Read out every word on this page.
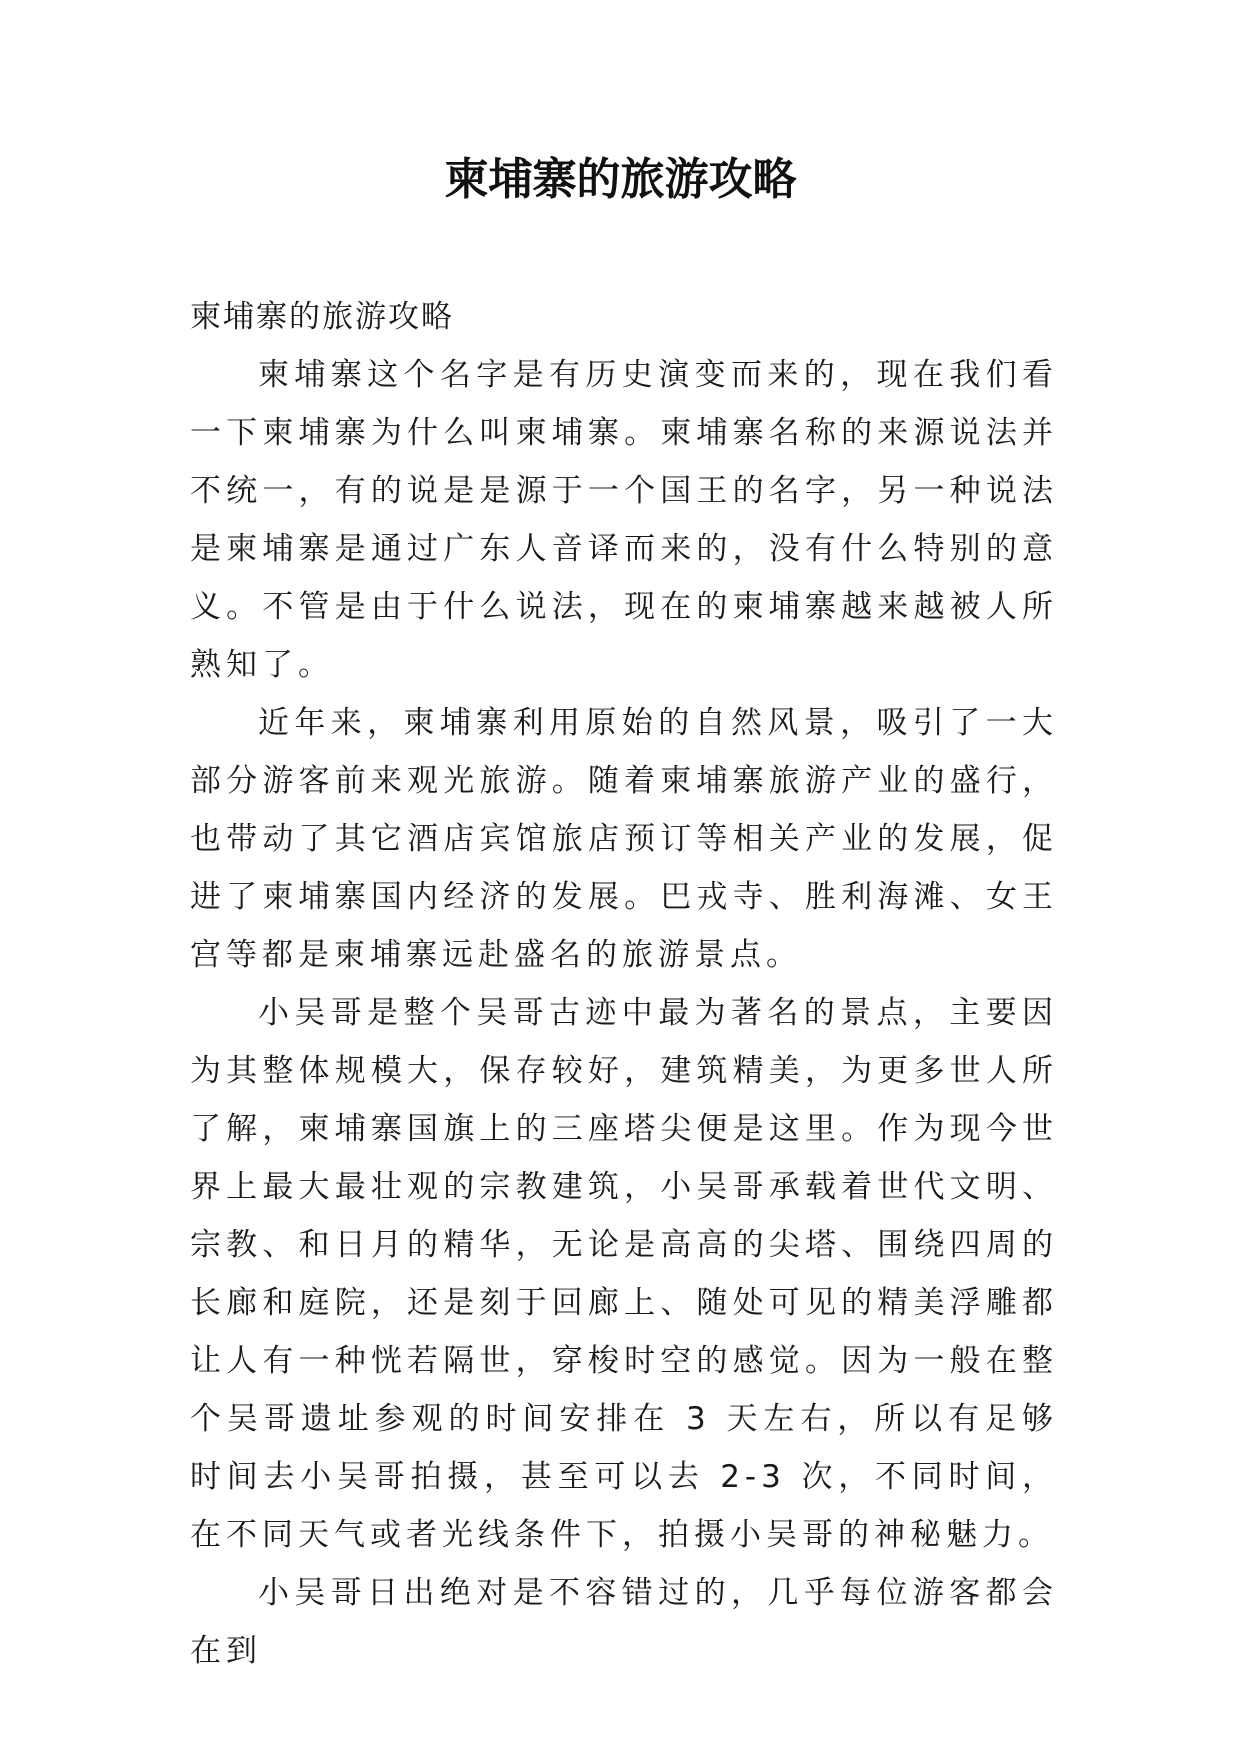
柬埔寨的旅游攻略

柬埔寨的旅游攻略

柬埔寨这个名字是有历史演变而来的，现在我们看一下柬埔寨为什么叫柬埔寨。柬埔寨名称的来源说法并不统一，有的说是是源于一个国王的名字，另一种说法是柬埔寨是通过广东人音译而来的，没有什么特别的意义。不管是由于什么说法，现在的柬埔寨越来越被人所熟知了。

近年来，柬埔寨利用原始的自然风景，吸引了一大部分游客前来观光旅游。随着柬埔寨旅游产业的盛行，也带动了其它酒店宾馆旅店预订等相关产业的发展，促进了柬埔寨国内经济的发展。巴戎寺、胜利海滩、女王宫等都是柬埔寨远赴盛名的旅游景点。

小吴哥是整个吴哥古迹中最为著名的景点，主要因为其整体规模大，保存较好，建筑精美，为更多世人所了解，柬埔寨国旗上的三座塔尖便是这里。作为现今世界上最大最壮观的宗教建筑，小吴哥承载着世代文明、宗教、和日月的精华，无论是高高的尖塔、围绕四周的长廊和庭院，还是刻于回廊上、随处可见的精美浮雕都让人有一种恍若隔世，穿梭时空的感觉。因为一般在整个吴哥遗址参观的时间安排在 3 天左右，所以有足够时间去小吴哥拍摄，甚至可以去 2-3 次，不同时间，在不同天气或者光线条件下，拍摄小吴哥的神秘魅力。

小吴哥日出绝对是不容错过的，几乎每位游客都会在到
